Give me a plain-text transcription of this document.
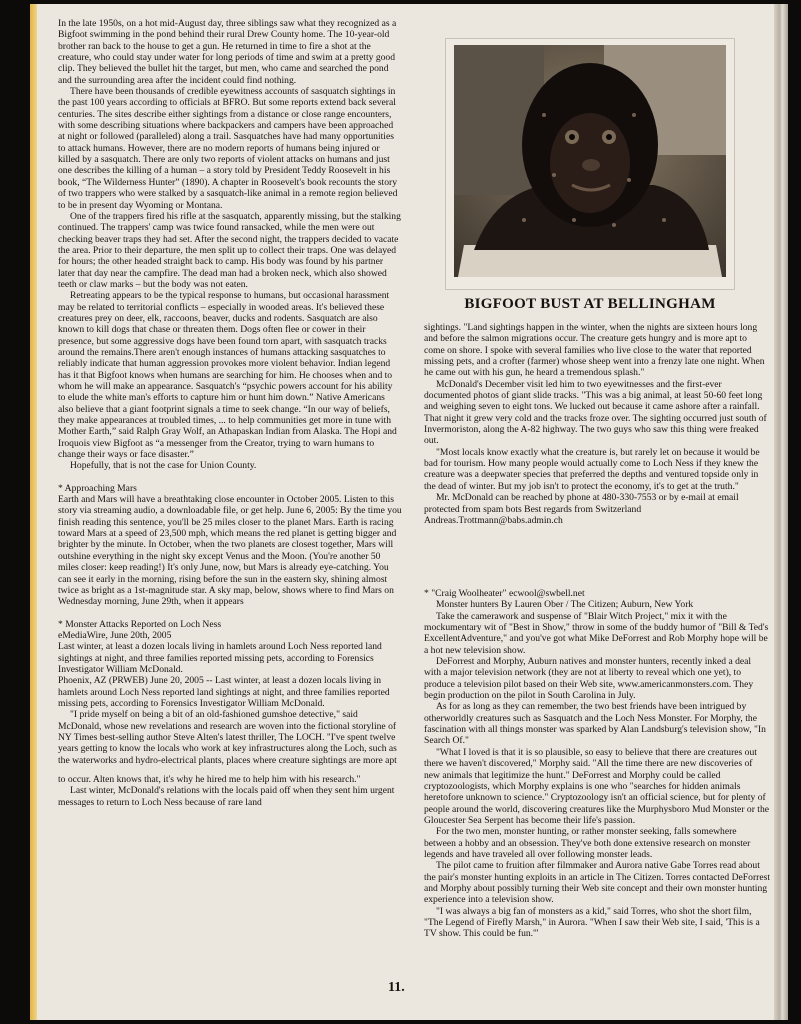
In the late 1950s, on a hot mid-August day, three siblings saw what they recognized as a Bigfoot swimming in the pond behind their rural Drew County home. The 10-year-old brother ran back to the house to get a gun. He returned in time to fire a shot at the creature, who could stay under water for long periods of time and swim at a pretty good clip. They believed the bullet hit the target, but men, who came and searched the pond and the surrounding area after the incident could find nothing.

There have been thousands of credible eyewitness accounts of sasquatch sightings in the past 100 years according to officials at BFRO. But some reports extend back several centuries. The sites describe either sightings from a distance or close range encounters, with some describing situations where backpackers and campers have been approached at night or followed (paralleled) along a trail. Sasquatches have had many opportunities to attack humans. However, there are no modern reports of humans being injured or killed by a sasquatch. There are only two reports of violent attacks on humans and just one describes the killing of a human – a story told by President Teddy Roosevelt in his book, “The Wilderness Hunter” (1890). A chapter in Roosevelt's book recounts the story of two trappers who were stalked by a sasquatch-like animal in a remote region believed to be in present day Wyoming or Montana.

One of the trappers fired his rifle at the sasquatch, apparently missing, but the stalking continued. The trappers' camp was twice found ransacked, while the men were out checking beaver traps they had set. After the second night, the trappers decided to vacate the area. Prior to their departure, the men split up to collect their traps. One was delayed for hours; the other headed straight back to camp. His body was found by his partner later that day near the campfire. The dead man had a broken neck, which also showed teeth or claw marks – but the body was not eaten.

Retreating appears to be the typical response to humans, but occasional harassment may be related to territorial conflicts – especially in wooded areas. It's believed these creatures prey on deer, elk, raccoons, beaver, ducks and rodents. Sasquatch are also known to kill dogs that chase or threaten them. Dogs often flee or cower in their presence, but some aggressive dogs have been found torn apart, with sasquatch tracks around the remains.There aren't enough instances of humans attacking sasquatches to reliably indicate that human aggression provokes more violent behavior. Indian legend has it that Bigfoot knows when humans are searching for him. He chooses when and to whom he will make an appearance. Sasquatch's “psychic powers account for his ability to elude the white man's efforts to capture him or hunt him down.” Native Americans also believe that a giant footprint signals a time to seek change. “In our way of beliefs, they make appearances at troubled times, ... to help communities get more in tune with Mother Earth,” said Ralph Gray Wolf, an Athapaskan Indian from Alaska. The Hopi and Iroquois view Bigfoot as “a messenger from the Creator, trying to warn humans to change their ways or face disaster.”

Hopefully, that is not the case for Union County.

* Approaching Mars

Earth and Mars will have a breathtaking close encounter in October 2005. Listen to this story via streaming audio, a downloadable file, or get help. June 6, 2005: By the time you finish reading this sentence, you'll be 25 miles closer to the planet Mars. Earth is racing toward Mars at a speed of 23,500 mph, which means the red planet is getting bigger and brighter by the minute. In October, when the two planets are closest together, Mars will outshine everything in the night sky except Venus and the Moon. (You're another 50 miles closer: keep reading!) It's only June, now, but Mars is already eye-catching. You can see it early in the morning, rising before the sun in the eastern sky, shining almost twice as bright as a 1st-magnitude star. A sky map, below, shows where to find Mars on Wednesday morning, June 29th, when it appears

* Monster Attacks Reported on Loch Ness

eMediaWire, June 20th, 2005

Last winter, at least a dozen locals living in hamlets around Loch Ness reported land sightings at night, and three families reported missing pets, according to Forensics Investigator William McDonald.

Phoenix, AZ (PRWEB) June 20, 2005 -- Last winter, at least a dozen locals living in hamlets around Loch Ness reported land sightings at night, and three families reported missing pets, according to Forensics Investigator William McDonald.

"I pride myself on being a bit of an old-fashioned gumshoe detective," said McDonald, whose new revelations and research are woven into the fictional storyline of NY Times best-selling author Steve Alten's latest thriller, The LOCH. "I've spent twelve years getting to know the locals who work at key infrastructures along the Loch, such as the waterworks and hydro-electrical plants, places where creature sightings are more apt

to occur. Alten knows that, it's why he hired me to help him with his research."

Last winter, McDonald's relations with the locals paid off when they sent him urgent messages to return to Loch Ness because of rare land

BIGFOOT BUST AT BELLINGHAM

sightings. "Land sightings happen in the winter, when the nights are sixteen hours long and before the salmon migrations occur. The creature gets hungry and is more apt to come on shore. I spoke with several families who live close to the water that reported missing pets, and a crofter (farmer) whose sheep went into a frenzy late one night. When he came out with his gun, he heard a tremendous splash."

McDonald's December visit led him to two eyewitnesses and the first-ever documented photos of giant slide tracks. "This was a big animal, at least 50-60 feet long and weighing seven to eight tons. We lucked out because it came ashore after a rainfall. That night it grew very cold and the tracks froze over. The sighting occurred just south of Invermoriston, along the A-82 highway. The two guys who saw this thing were freaked out.

"Most locals know exactly what the creature is, but rarely let on because it would be bad for tourism. How many people would actually come to Loch Ness if they knew the creature was a deepwater species that preferred the depths and ventured topside only in the dead of winter. But my job isn't to protect the economy, it's to get at the truth."

Mr. McDonald can be reached by phone at 480-330-7553 or by e-mail at email protected from spam bots Best regards from Switzerland Andreas.Trottmann@babs.admin.ch

* "Craig Woolheater" ecwool@swbell.net

Monster hunters By Lauren Ober / The Citizen; Auburn, New York

Take the camerawork and suspense of "Blair Witch Project," mix it with the mockumentary wit of "Best in Show," throw in some of the buddy humor of "Bill & Ted's ExcellentAdventure," and you've got what Mike DeForrest and Rob Morphy hope will be a hot new television show.

DeForrest and Morphy, Auburn natives and monster hunters, recently inked a deal with a major television network (they are not at liberty to reveal which one yet), to produce a television pilot based on their Web site, www.americanmonsters.com. They begin production on the pilot in South Carolina in July.

As for as long as they can remember, the two best friends have been intrigued by otherworldly creatures such as Sasquatch and the Loch Ness Monster. For Morphy, the fascination with all things monster was sparked by Alan Landsburg's television show, "In Search Of."

"What I loved is that it is so plausible, so easy to believe that there are creatures out there we haven't discovered," Morphy said. "All the time there are new discoveries of new animals that legitimize the hunt." DeForrest and Morphy could be called cryptozoologists, which Morphy explains is one who "searches for hidden animals heretofore unknown to science." Cryptozoology isn't an official science, but for plenty of people around the world, discovering creatures like the Murphysboro Mud Monster or the Gloucester Sea Serpent has become their life's passion.

For the two men, monster hunting, or rather monster seeking, falls somewhere between a hobby and an obsession. They've both done extensive research on monster legends and have traveled all over following monster leads.

The pilot came to fruition after filmmaker and Aurora native Gabe Torres read about the pair's monster hunting exploits in an article in The Citizen. Torres contacted DeForrest and Morphy about possibly turning their Web site concept and their own monster hunting experience into a television show.

"I was always a big fan of monsters as a kid," said Torres, who shot the short film, "The Legend of Firefly Marsh," in Aurora. "When I saw their Web site, I said, 'This is a TV show. This could be fun.'"

11.
